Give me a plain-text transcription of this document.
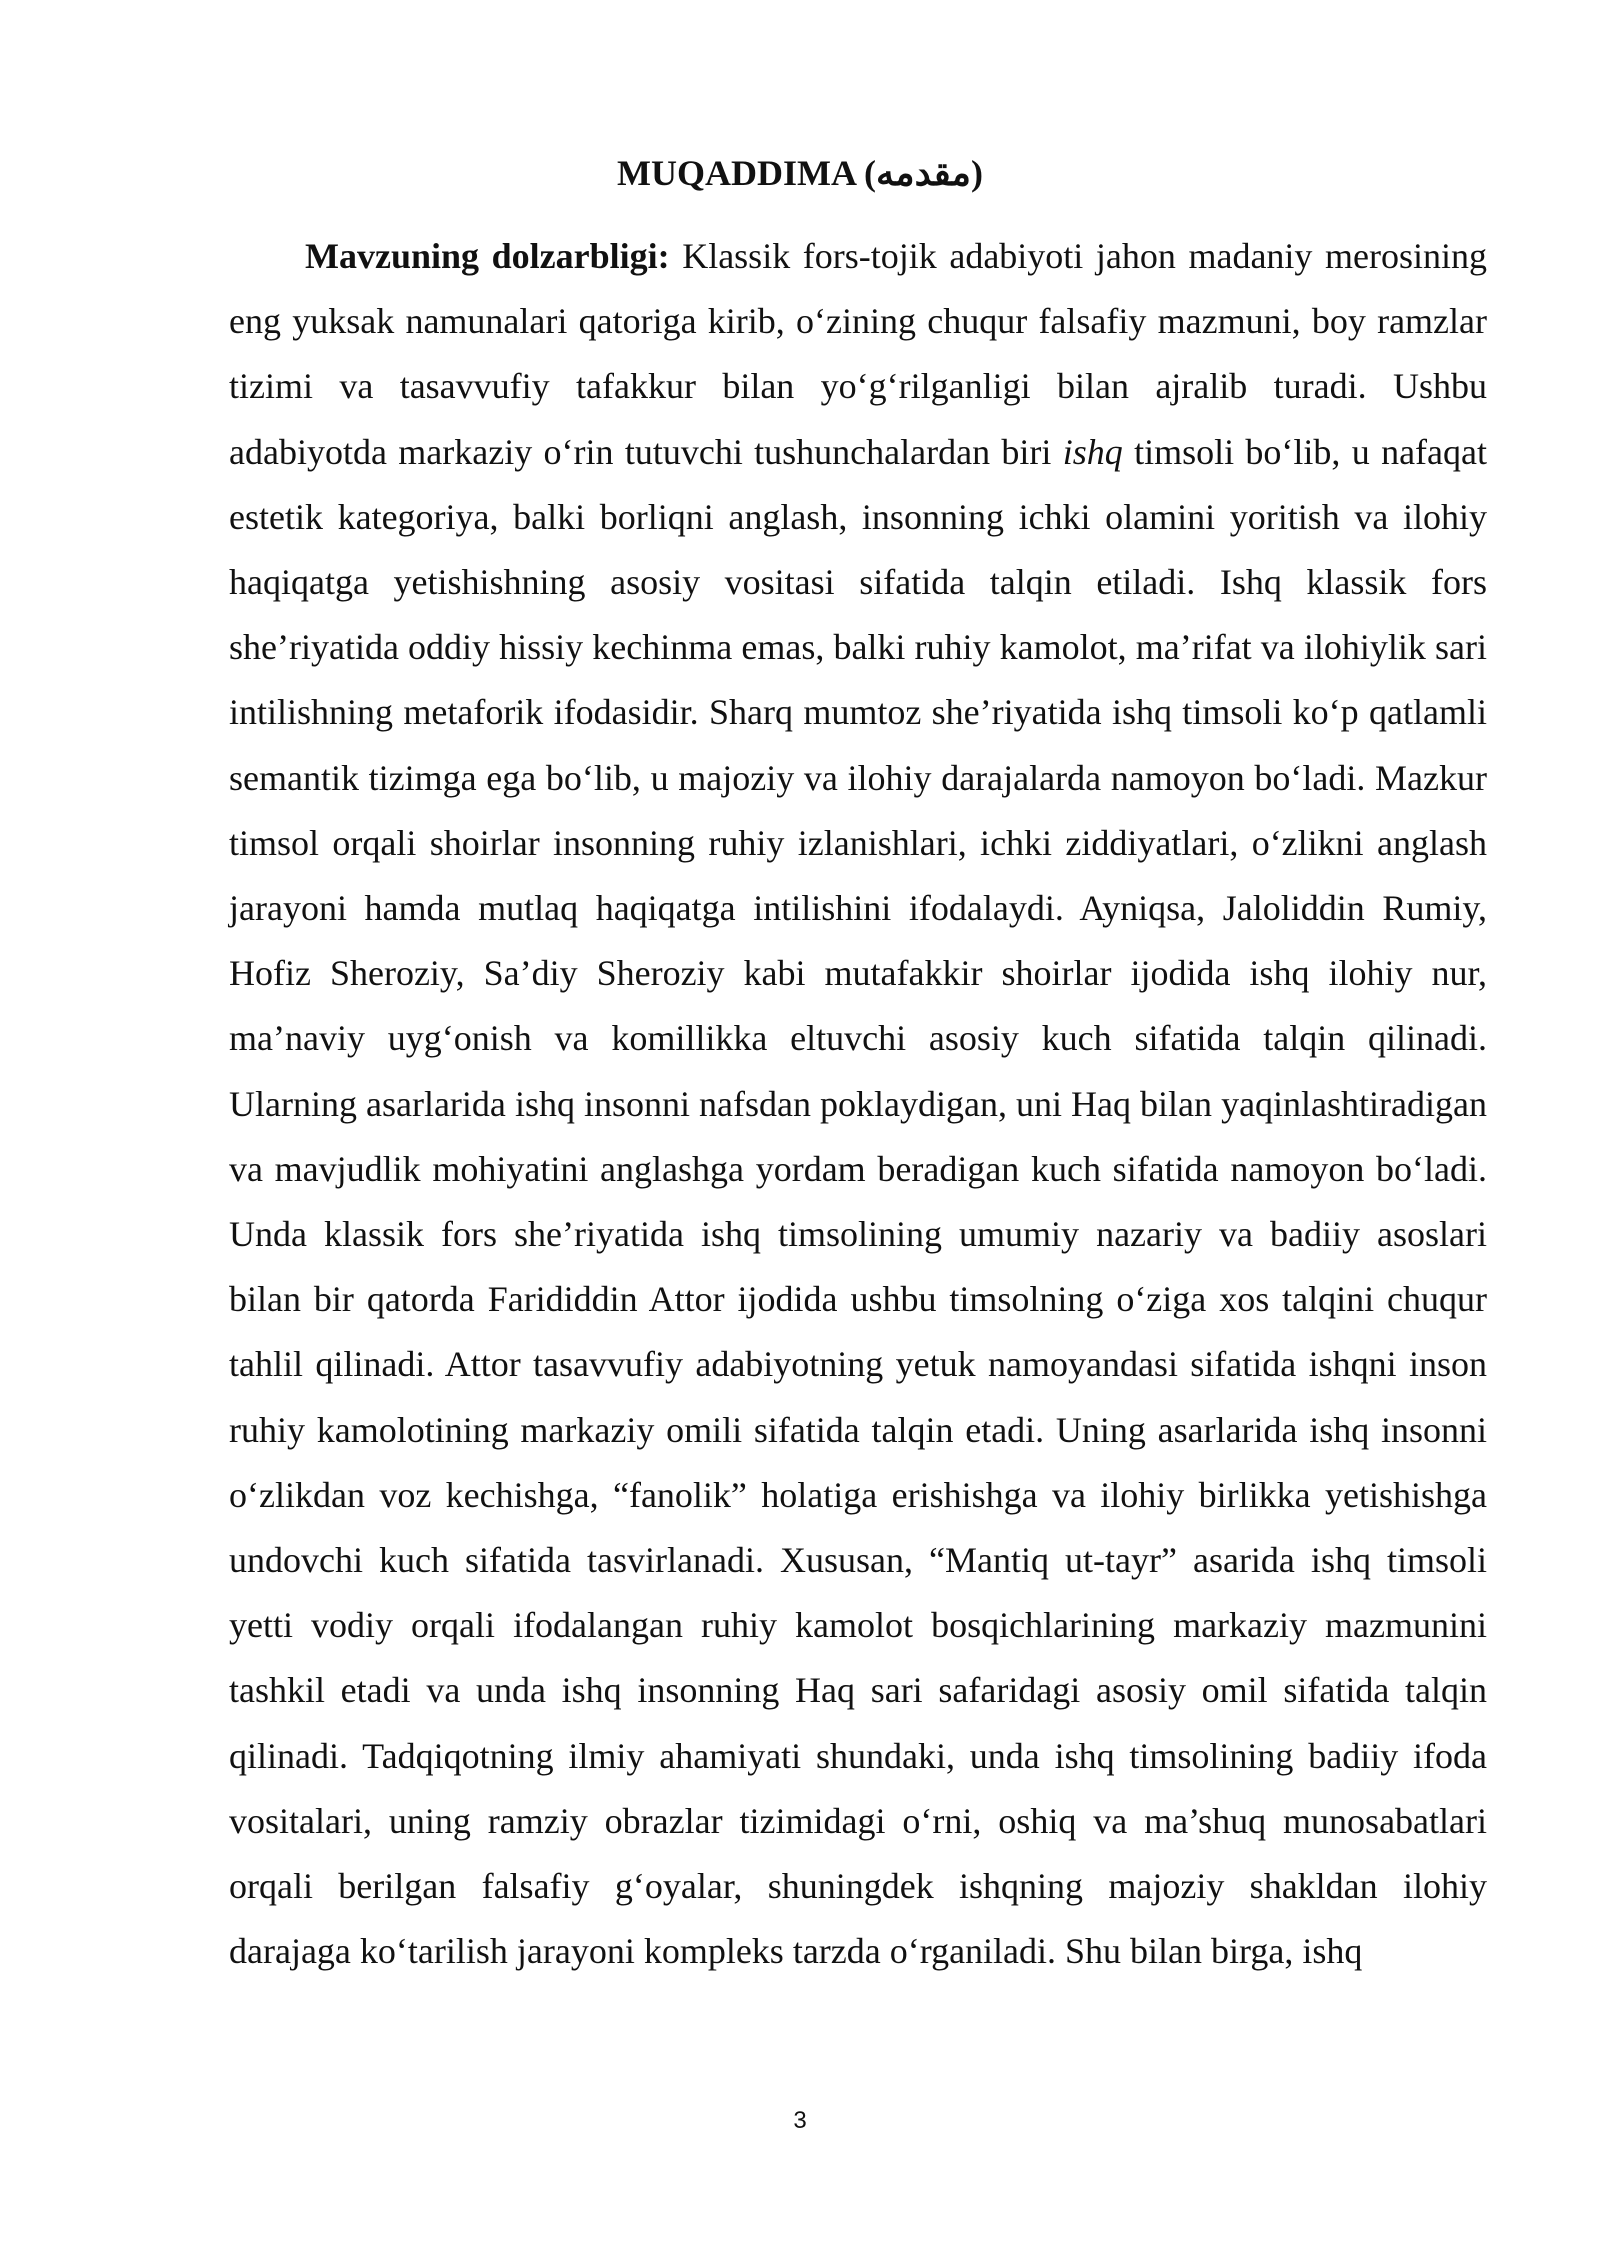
MUQADDIMA (مقدمه)

Mavzuning dolzarbligi: Klassik fors-tojik adabiyoti jahon madaniy merosining eng yuksak namunalari qatoriga kirib, o‘zining chuqur falsafiy mazmuni, boy ramzlar tizimi va tasavvufiy tafakkur bilan yo‘g‘rilganligi bilan ajralib turadi. Ushbu adabiyotda markaziy o‘rin tutuvchi tushunchalardan biri ishq timsoli bo‘lib, u nafaqat estetik kategoriya, balki borliqni anglash, insonning ichki olamini yoritish va ilohiy haqiqatga yetishishning asosiy vositasi sifatida talqin etiladi. Ishq klassik fors she’riyatida oddiy hissiy kechinma emas, balki ruhiy kamolot, ma’rifat va ilohiylik sari intilishning metaforik ifodasidir. Sharq mumtoz she’riyatida ishq timsoli ko‘p qatlamli semantik tizimga ega bo‘lib, u majoziy va ilohiy darajalarda namoyon bo‘ladi. Mazkur timsol orqali shoirlar insonning ruhiy izlanishlari, ichki ziddiyatlari, o‘zlikni anglash jarayoni hamda mutlaq haqiqatga intilishini ifodalaydi. Ayniqsa, Jaloliddin Rumiy, Hofiz Sheroziy, Sa’diy Sheroziy kabi mutafakkir shoirlar ijodida ishq ilohiy nur, ma’naviy uyg‘onish va komillikka eltuvchi asosiy kuch sifatida talqin qilinadi. Ularning asarlarida ishq insonni nafsdan poklaydigan, uni Haq bilan yaqinlashtiradigan va mavjudlik mohiyatini anglashga yordam beradigan kuch sifatida namoyon bo‘ladi. Unda klassik fors she’riyatida ishq timsolining umumiy nazariy va badiiy asoslari bilan bir qatorda Farididdin Attor ijodida ushbu timsolning o‘ziga xos talqini chuqur tahlil qilinadi. Attor tasavvufiy adabiyotning yetuk namoyandasi sifatida ishqni inson ruhiy kamolotining markaziy omili sifatida talqin etadi. Uning asarlarida ishq insonni o‘zlikdan voz kechishga, “fanolik” holatiga erishishga va ilohiy birlikka yetishishga undovchi kuch sifatida tasvirlanadi. Xususan, “Mantiq ut-tayr” asarida ishq timsoli yetti vodiy orqali ifodalangan ruhiy kamolot bosqichlarining markaziy mazmunini tashkil etadi va unda ishq insonning Haq sari safaridagi asosiy omil sifatida talqin qilinadi. Tadqiqotning ilmiy ahamiyati shundaki, unda ishq timsolining badiiy ifoda vositalari, uning ramziy obrazlar tizimidagi o‘rni, oshiq va ma’shuq munosabatlari orqali berilgan falsafiy g‘oyalar, shuningdek ishqning majoziy shakldan ilohiy darajaga ko‘tarilish jarayoni kompleks tarzda o‘rganiladi. Shu bilan birga, ishq

3
